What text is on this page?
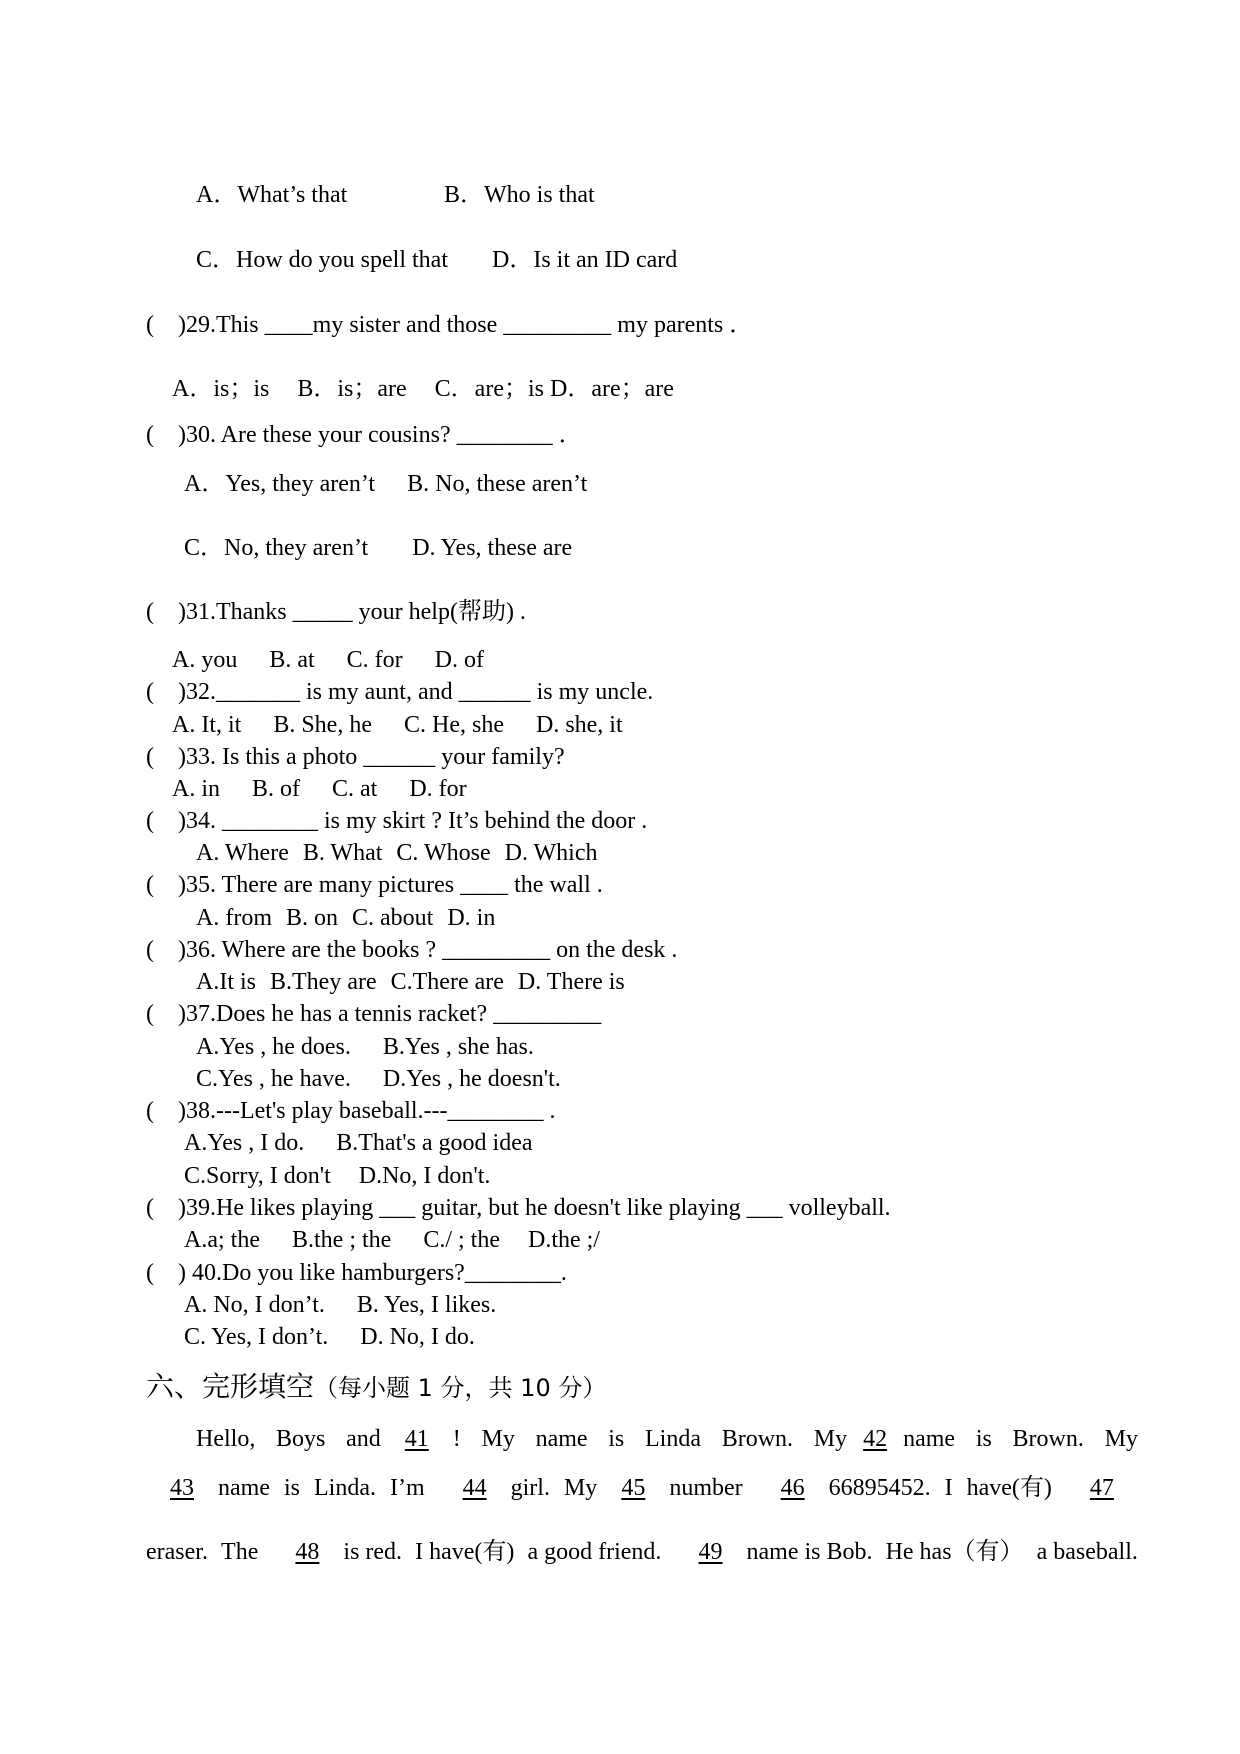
A．What’s that	B．Who is that
C．How do you spell that D．Is it an ID card
(　)29.This ____my sister and those _________ my parents ．
A．is；is B．is；are C．are；is D．are；are
(　)30. Are these your cousins? ________ ．
A．Yes, they aren’t B. No, these aren’t
C．No, they aren’t D. Yes, these are
(　)31.Thanks _____ your help(帮助) .
A. you B. at C. for D. of
(　)32._______ is my aunt, and ______ is my uncle.
A. It, it B. She, he C. He, she D. she, it
(　)33. Is this a photo ______ your family?
A. in B. of C. at D. for
(　)34. ________ is my skirt ? It’s behind the door .
A. Where B. What C. Whose D. Which
(　)35. There are many pictures ____ the wall .
A. from B. on C. about D. in
(　)36. Where are the books ? _________ on the desk .
A.It is B.They are C.There are D. There is
(　)37.Does he has a tennis racket? _________
A.Yes , he does. B.Yes , she has.
C.Yes , he have. D.Yes , he doesn't.
(　)38.---Let's play baseball.---________ .
A.Yes , I do. B.That's a good idea
C.Sorry, I don't D.No, I don't.
(　)39.He likes playing ___ guitar, but he doesn't like playing ___ volleyball.
A.a; the B.the ; the C./ ; the D.the ;/
(　) 40.Do you like hamburgers?________.
A. No, I don’t. B. Yes, I likes.
C. Yes, I don’t. D. No, I do.
六、完形填空（每小题 1 分，共 10 分）
Hello, Boys and	41	! My name is Linda Brown. My 42 name is Brown. My
43	name is Linda. I’m	44	girl. My	45	number	46	66895452. I have(有)	47
eraser. The	48	is red. I have(有) a good friend.	49	name is Bob. He has（有） a baseball.
